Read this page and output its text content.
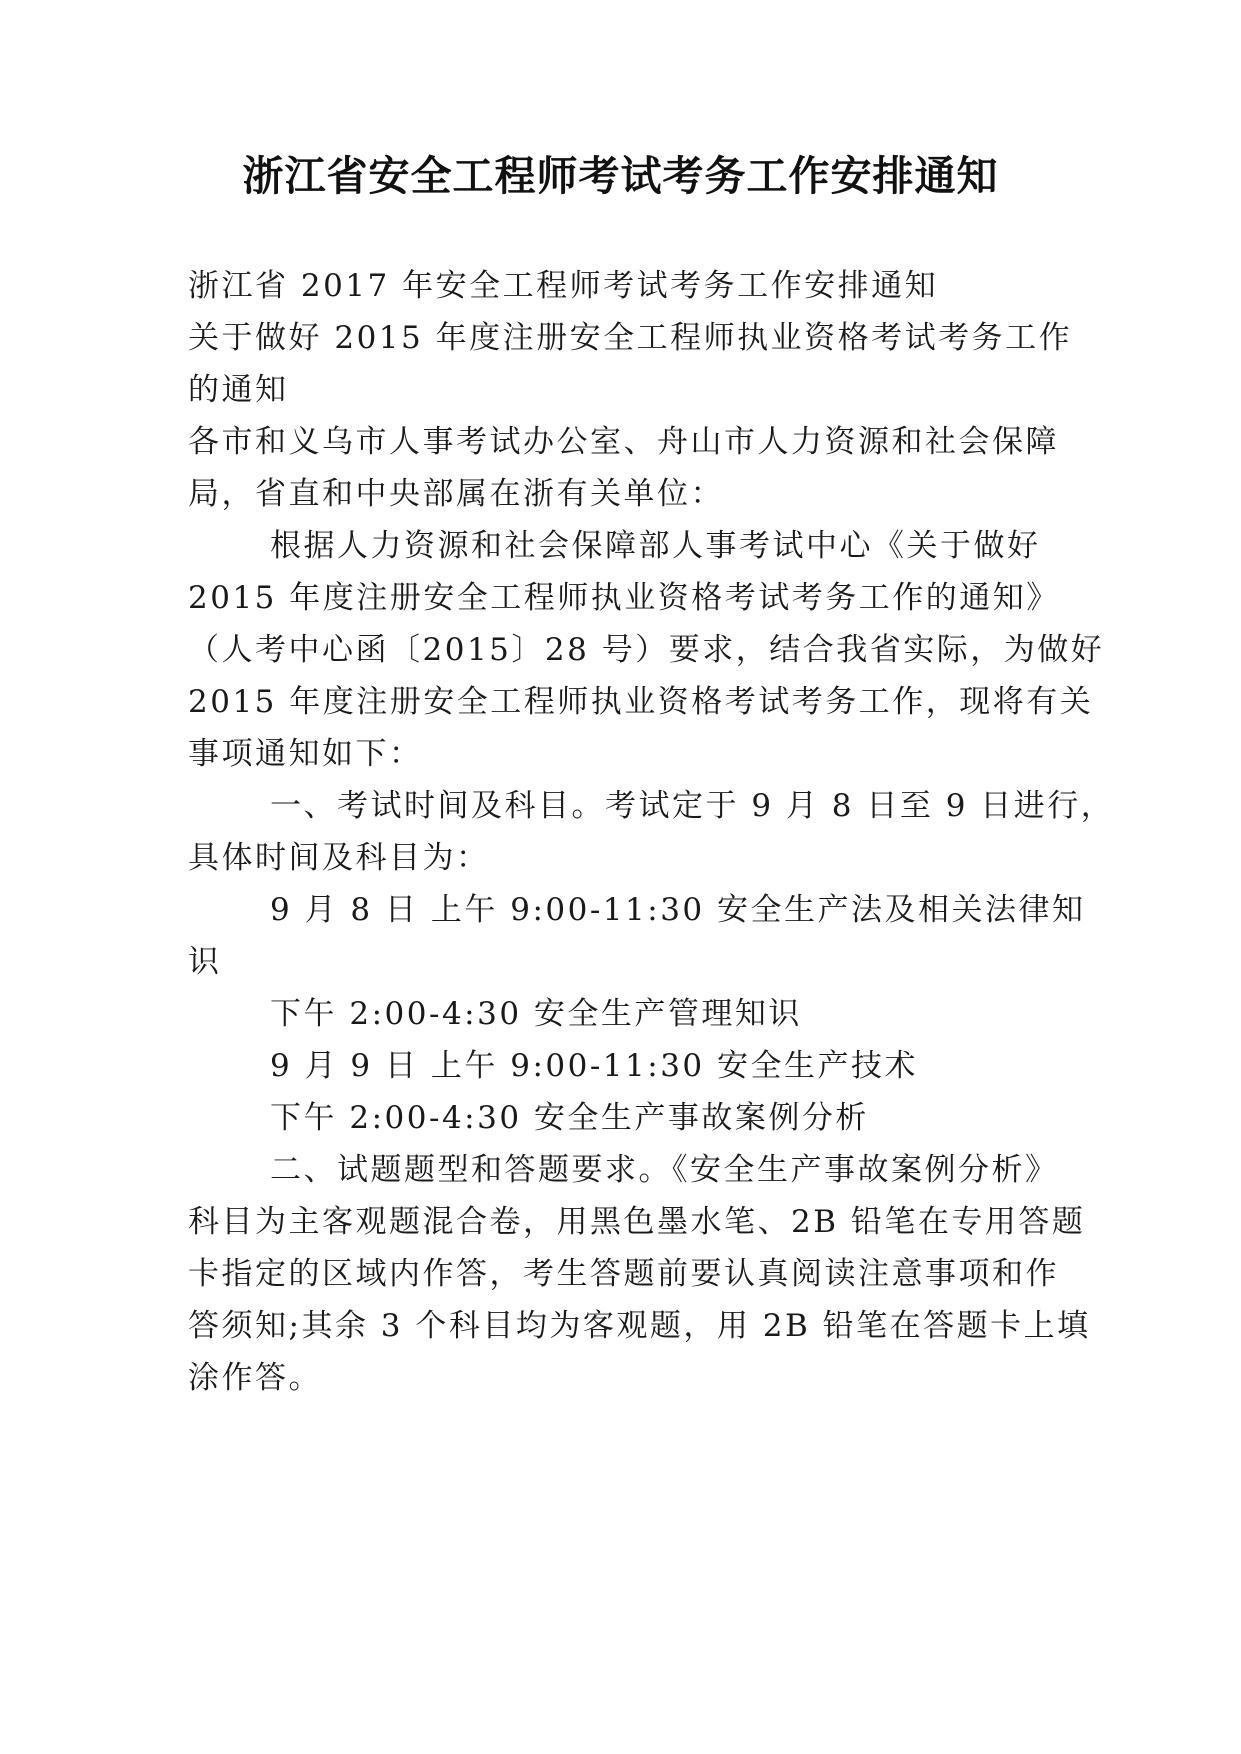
浙江省安全工程师考试考务工作安排通知

浙江省 2017 年安全工程师考试考务工作安排通知

关于做好 2015 年度注册安全工程师执业资格考试考务工作

的通知

各市和义乌市人事考试办公室、舟山市人力资源和社会保障

局，省直和中央部属在浙有关单位：

根据人力资源和社会保障部人事考试中心《关于做好

2015 年度注册安全工程师执业资格考试考务工作的通知》

（人考中心函〔2015〕28 号）要求，结合我省实际，为做好

2015 年度注册安全工程师执业资格考试考务工作，现将有关

事项通知如下：

一、考试时间及科目。考试定于 9 月 8 日至 9 日进行，

具体时间及科目为：

9 月 8 日 上午 9:00-11:30 安全生产法及相关法律知

识

下午 2:00-4:30 安全生产管理知识

9 月 9 日 上午 9:00-11:30 安全生产技术

下午 2:00-4:30 安全生产事故案例分析

二、试题题型和答题要求。《安全生产事故案例分析》

科目为主客观题混合卷，用黑色墨水笔、2B 铅笔在专用答题

卡指定的区域内作答，考生答题前要认真阅读注意事项和作

答须知;其余 3 个科目均为客观题，用 2B 铅笔在答题卡上填

涂作答。
